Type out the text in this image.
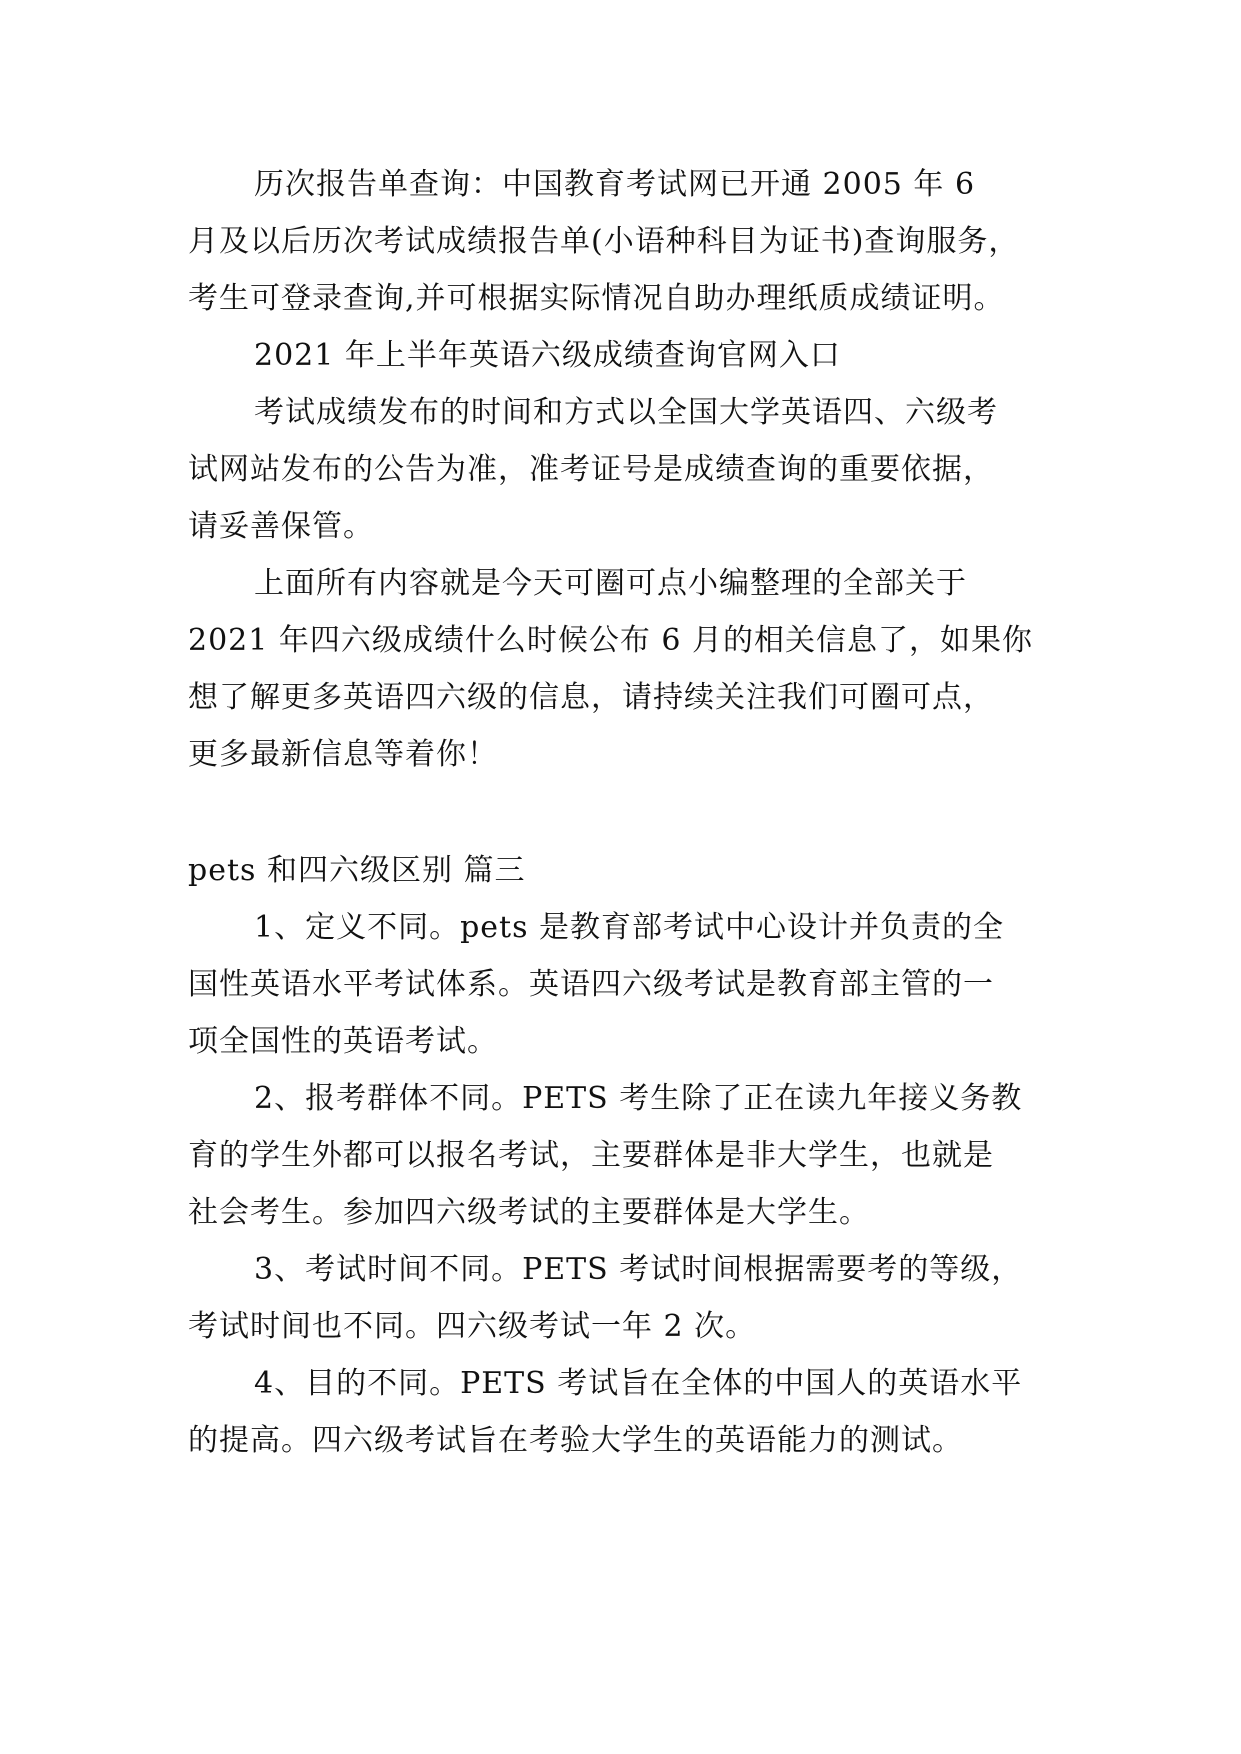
历次报告单查询：中国教育考试网已开通 2005 年 6
月及以后历次考试成绩报告单(小语种科目为证书)查询服务，
考生可登录查询,并可根据实际情况自助办理纸质成绩证明。
2021 年上半年英语六级成绩查询官网入口
考试成绩发布的时间和方式以全国大学英语四、六级考
试网站发布的公告为准，准考证号是成绩查询的重要依据，
请妥善保管。
上面所有内容就是今天可圈可点小编整理的全部关于
2021 年四六级成绩什么时候公布 6 月的相关信息了，如果你
想了解更多英语四六级的信息，请持续关注我们可圈可点，
更多最新信息等着你！
pets 和四六级区别 篇三
1、定义不同。pets 是教育部考试中心设计并负责的全
国性英语水平考试体系。英语四六级考试是教育部主管的一
项全国性的英语考试。
2、报考群体不同。PETS 考生除了正在读九年接义务教
育的学生外都可以报名考试，主要群体是非大学生，也就是
社会考生。参加四六级考试的主要群体是大学生。
3、考试时间不同。PETS 考试时间根据需要考的等级，
考试时间也不同。四六级考试一年 2 次。
4、目的不同。PETS 考试旨在全体的中国人的英语水平
的提高。四六级考试旨在考验大学生的英语能力的测试。
